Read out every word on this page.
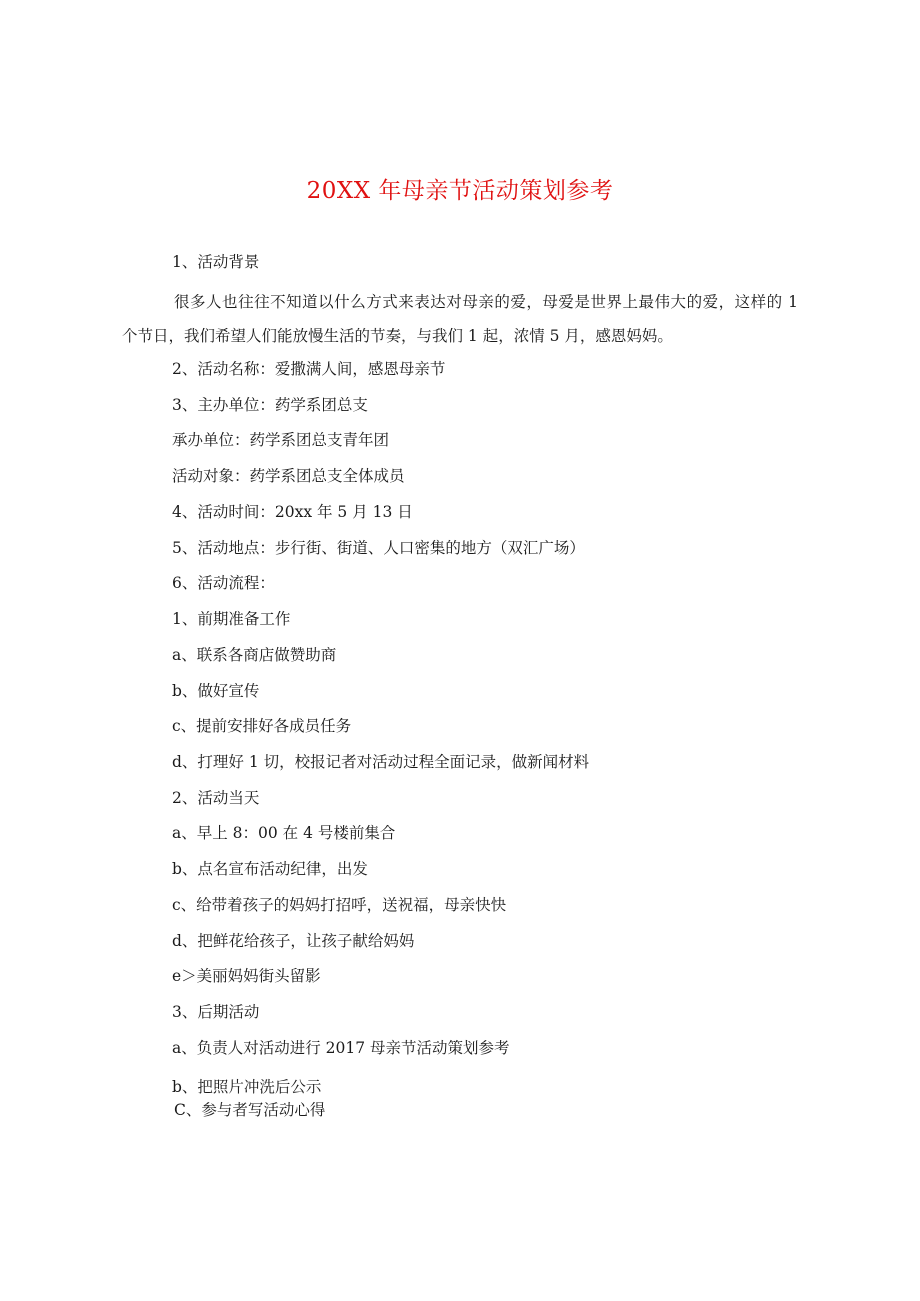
20XX 年母亲节活动策划参考
1、活动背景
很多人也往往不知道以什么方式来表达对母亲的爱，母爱是世界上最伟大的爱，这样的 1 个节日，我们希望人们能放慢生活的节奏，与我们 1 起，浓情 5 月，感恩妈妈。
2、活动名称：爱撒满人间，感恩母亲节
3、主办单位：药学系团总支
承办单位：药学系团总支青年团
活动对象：药学系团总支全体成员
4、活动时间：20xx 年 5 月 13 日
5、活动地点：步行街、街道、人口密集的地方（双汇广场）
6、活动流程：
1、前期准备工作
a、联系各商店做赞助商
b、做好宣传
c、提前安排好各成员任务
d、打理好 1 切，校报记者对活动过程全面记录，做新闻材料
2、活动当天
a、早上 8：00 在 4 号楼前集合
b、点名宣布活动纪律，出发
c、给带着孩子的妈妈打招呼，送祝福，母亲快快
d、把鲜花给孩子，让孩子献给妈妈
e＞美丽妈妈街头留影
3、后期活动
a、负责人对活动进行 2017 母亲节活动策划参考
b、把照片冲洗后公示
C、参与者写活动心得
